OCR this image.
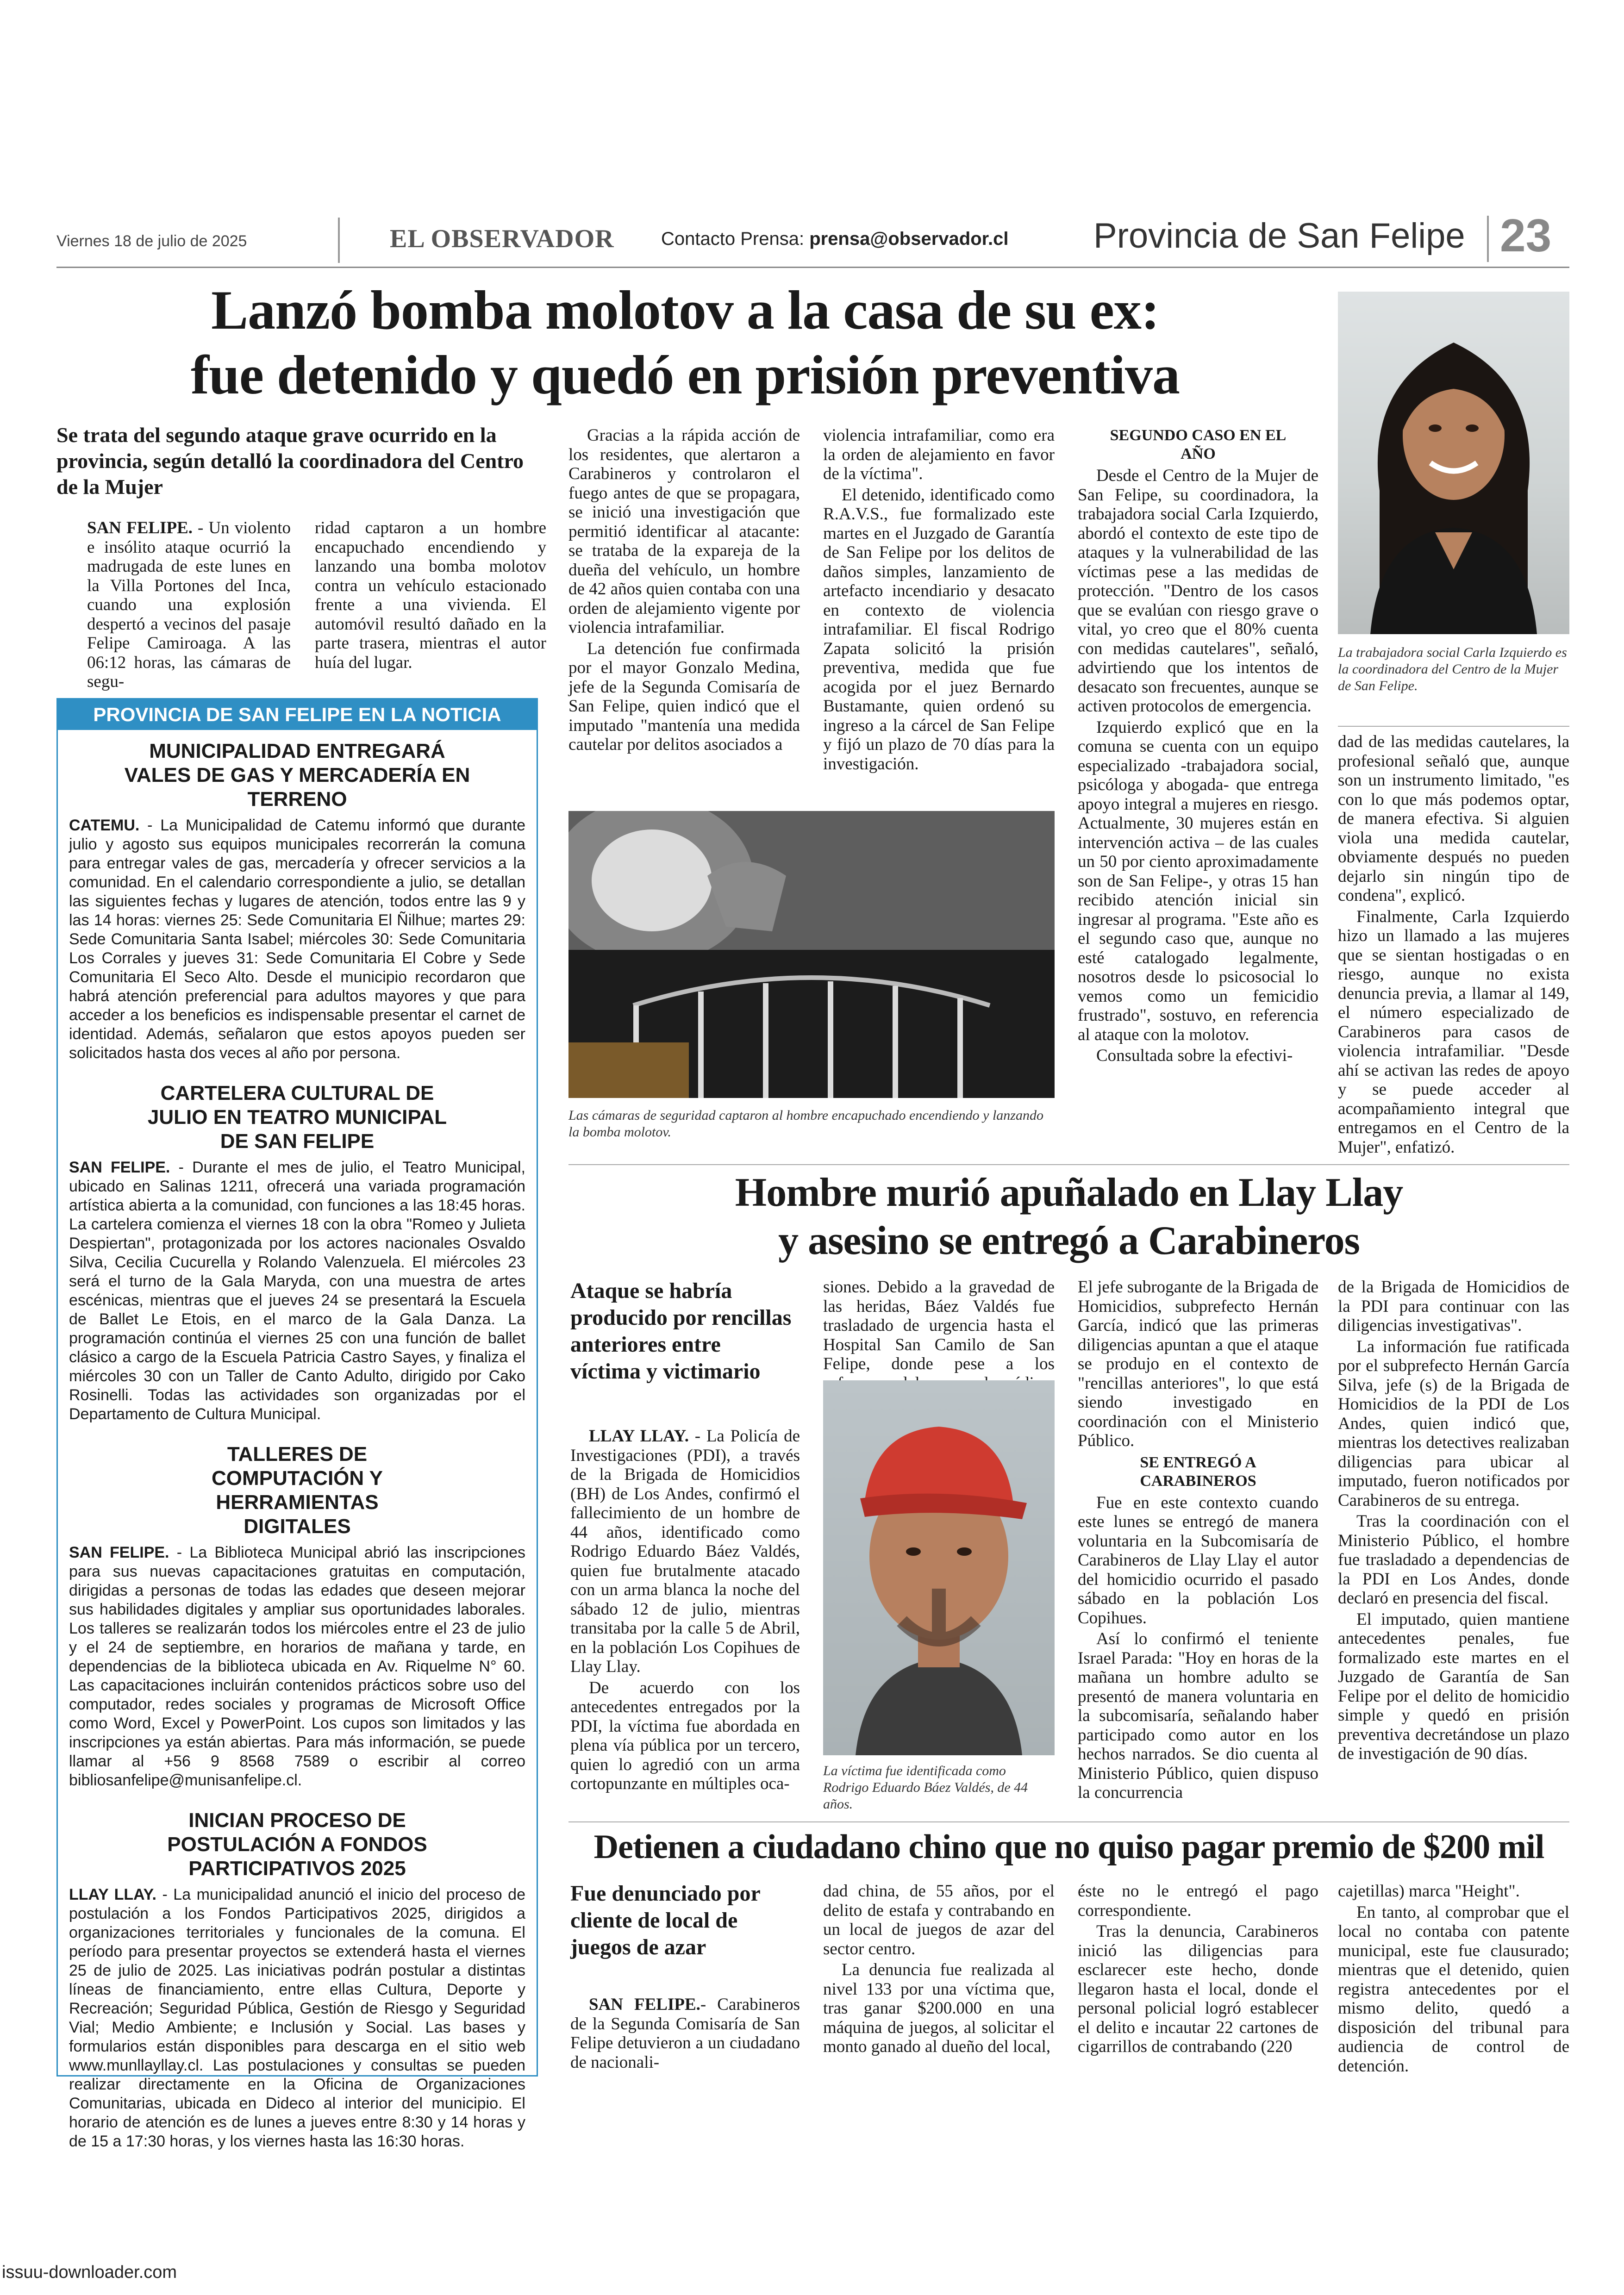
Viernes 18 de julio de 2025	EL OBSERVADOR	Contacto Prensa: prensa@observador.cl Provincia de San Felipe 23
Lanzó bomba molotov a la casa de su ex:
fue detenido y quedó en prisión preventiva
La trabajadora social Carla Izquierdo es la coordinadora del Centro de la Mujer de San Felipe.
Se trata del segundo ataque grave ocurrido en la provincia, según detalló la coordinadora del Centro de la Mujer

SAN FELIPE. - Un violento e insólito ataque ocurrió la madrugada de este lunes en la Villa Portones del Inca, cuando una explosión despertó a vecinos del pasaje Felipe Camiroaga. A las 06:12 horas, las cámaras de segu-

ridad captaron a un hombre encapuchado encendiendo y lanzando una bomba molotov contra un vehículo estacionado frente a una vivienda. El automóvil resultó dañado en la parte trasera, mientras el autor huía del lugar.

Gracias a la rápida acción de los residentes, que alertaron a Carabineros y controlaron el fuego antes de que se propagara, se inició una investigación que permitió identificar al atacante: se trataba de la expareja de la dueña del vehículo, un hombre de 42 años quien contaba con una orden de alejamiento vigente por violencia intrafamiliar.

La detención fue confirmada por el mayor Gonzalo Medina, jefe de la Segunda Comisaría de San Felipe, quien indicó que el imputado "mantenía una medida cautelar por delitos asociados a

violencia intrafamiliar, como era la orden de alejamiento en favor de la víctima".

El detenido, identificado como R.A.V.S., fue formalizado este martes en el Juzgado de Garantía de San Felipe por los delitos de daños simples, lanzamiento de artefacto incendiario y desacato en contexto de violencia intrafamiliar. El fiscal Rodrigo Zapata solicitó la prisión preventiva, medida que fue acogida por el juez Bernardo Bustamante, quien ordenó su ingreso a la cárcel de San Felipe y fijó un plazo de 70 días para la investigación.

SEGUNDO CASO EN EL AÑO

Desde el Centro de la Mujer de San Felipe, su coordinadora, la trabajadora social Carla Izquierdo, abordó el contexto de este tipo de ataques y la vulnerabilidad de las víctimas pese a las medidas de protección. "Dentro de los casos que se evalúan con riesgo grave o vital, yo creo que el 80% cuenta con medidas cautelares", señaló, advirtiendo que los intentos de desacato son frecuentes, aunque se activen protocolos de emergencia.

Izquierdo explicó que en la comuna se cuenta con un equipo especializado -trabajadora social, psicóloga y abogada- que entrega apoyo integral a mujeres en riesgo. Actualmente, 30 mujeres están en intervención activa – de las cuales un 50 por ciento aproximadamente son de San Felipe-, y otras 15 han recibido atención inicial sin ingresar al programa. "Este año es el segundo caso que, aunque no esté catalogado legalmente, nosotros desde lo psicosocial lo vemos como un femicidio frustrado", sostuvo, en referencia al ataque con la molotov.

Consultada sobre la efectivi-

dad de las medidas cautelares, la profesional señaló que, aunque son un instrumento limitado, "es con lo que más podemos optar, de manera efectiva. Si alguien viola una medida cautelar, obviamente después no pueden dejarlo sin ningún tipo de condena", explicó.

Finalmente, Carla Izquierdo hizo un llamado a las mujeres que se sientan hostigadas o en riesgo, aunque no exista denuncia previa, a llamar al 149, el número especializado de Carabineros para casos de violencia intrafamiliar. "Desde ahí se activan las redes de apoyo y se puede acceder al acompañamiento integral que entregamos en el Centro de la Mujer", enfatizó.

Las cámaras de seguridad captaron al hombre encapuchado encendiendo y lanzando la bomba molotov.
PROVINCIA DE SAN FELIPE EN LA NOTICIA
MUNICIPALIDAD ENTREGARÁ VALES DE GAS Y MERCADERÍA EN TERRENO
CATEMU. - La Municipalidad de Catemu informó que durante julio y agosto sus equipos municipales recorrerán la comuna para entregar vales de gas, mercadería y ofrecer servicios a la comunidad. En el calendario correspondiente a julio, se detallan las siguientes fechas y lugares de atención, todos entre las 9 y las 14 horas: viernes 25: Sede Comunitaria El Ñilhue; martes 29: Sede Comunitaria Santa Isabel; miércoles 30: Sede Comunitaria Los Corrales y jueves 31: Sede Comunitaria El Cobre y Sede Comunitaria El Seco Alto. Desde el municipio recordaron que habrá atención preferencial para adultos mayores y que para acceder a los beneficios es indispensable presentar el carnet de identidad. Además, señalaron que estos apoyos pueden ser solicitados hasta dos veces al año por persona.
CARTELERA CULTURAL DE JULIO EN TEATRO MUNICIPAL DE SAN FELIPE
SAN FELIPE. - Durante el mes de julio, el Teatro Municipal, ubicado en Salinas 1211, ofrecerá una variada programación artística abierta a la comunidad, con funciones a las 18:45 horas. La cartelera comienza el viernes 18 con la obra "Romeo y Julieta Despiertan", protagonizada por los actores nacionales Osvaldo Silva, Cecilia Cucurella y Rolando Valenzuela. El miércoles 23 será el turno de la Gala Maryda, con una muestra de artes escénicas, mientras que el jueves 24 se presentará la Escuela de Ballet Le Etois, en el marco de la Gala Danza. La programación continúa el viernes 25 con una función de ballet clásico a cargo de la Escuela Patricia Castro Sayes, y finaliza el miércoles 30 con un Taller de Canto Adulto, dirigido por Cako Rosinelli. Todas las actividades son organizadas por el Departamento de Cultura Municipal.
TALLERES DE COMPUTACIÓN Y HERRAMIENTAS DIGITALES
SAN FELIPE. - La Biblioteca Municipal abrió las inscripciones para sus nuevas capacitaciones gratuitas en computación, dirigidas a personas de todas las edades que deseen mejorar sus habilidades digitales y ampliar sus oportunidades laborales. Los talleres se realizarán todos los miércoles entre el 23 de julio y el 24 de septiembre, en horarios de mañana y tarde, en dependencias de la biblioteca ubicada en Av. Riquelme N° 60. Las capacitaciones incluirán contenidos prácticos sobre uso del computador, redes sociales y programas de Microsoft Office como Word, Excel y PowerPoint. Los cupos son limitados y las inscripciones ya están abiertas. Para más información, se puede llamar al +56 9 8568 7589 o escribir al correo bibliosanfelipe@munisanfelipe.cl.
INICIAN PROCESO DE POSTULACIÓN A FONDOS PARTICIPATIVOS 2025
LLAY LLAY. - La municipalidad anunció el inicio del proceso de postulación a los Fondos Participativos 2025, dirigidos a organizaciones territoriales y funcionales de la comuna. El período para presentar proyectos se extenderá hasta el viernes 25 de julio de 2025. Las iniciativas podrán postular a distintas líneas de financiamiento, entre ellas Cultura, Deporte y Recreación; Seguridad Pública, Gestión de Riesgo y Seguridad Vial; Medio Ambiente; e Inclusión y Social. Las bases y formularios están disponibles para descarga en el sitio web www.munllayllay.cl. Las postulaciones y consultas se pueden realizar directamente en la Oficina de Organizaciones Comunitarias, ubicada en Dideco al interior del municipio. El horario de atención es de lunes a jueves entre 8:30 y 14 horas y de 15 a 17:30 horas, y los viernes hasta las 16:30 horas.
Hombre murió apuñalado en Llay Llay
y asesino se entregó a Carabineros
Ataque se habría producido por rencillas anteriores entre víctima y victimario

LLAY LLAY. - La Policía de Investigaciones (PDI), a través de la Brigada de Homicidios (BH) de Los Andes, confirmó el fallecimiento de un hombre de 44 años, identificado como Rodrigo Eduardo Báez Valdés, quien fue brutalmente atacado con un arma blanca la noche del sábado 12 de julio, mientras transitaba por la calle 5 de Abril, en la población Los Copihues de Llay Llay.

De acuerdo con los antecedentes entregados por la PDI, la víctima fue abordada en plena vía pública por un tercero, quien lo agredió con un arma cortopunzante en múltiples oca-

siones. Debido a la gravedad de las heridas, Báez Valdés fue trasladado de urgencia hasta el Hospital San Camilo de San Felipe, donde pese a los

La víctima fue identificada como Rodrigo Eduardo Báez Valdés, de 44 años.

El jefe subrogante de la Brigada de Homicidios, subprefecto Hernán García, indicó que las primeras diligencias apuntan a que el ataque se produjo en el contexto de "rencillas anteriores", lo que está siendo investigado en coordinación con el Ministerio Público.

SE ENTREGÓ A CARABINEROS

Fue en este contexto cuando este lunes se entregó de manera voluntaria en la Subcomisaría de Carabineros de Llay Llay el autor del homicidio ocurrido el pasado sábado en la población Los Copihues.

Así lo confirmó el teniente Israel Parada: "Hoy en horas de la mañana un hombre adulto se presentó de manera voluntaria en la subcomisaría, señalando haber participado como autor en los hechos narrados. Se dio cuenta al Ministerio Público, quien dispuso la concurrencia

de la Brigada de Homicidios de la PDI para continuar con las diligencias investigativas".

La información fue ratificada por el subprefecto Hernán García Silva, jefe (s) de la Brigada de Homicidios de la PDI de Los Andes, quien indicó que, mientras los detectives realizaban diligencias para ubicar al imputado, fueron notificados por Carabineros de su entrega.

Tras la coordinación con el Ministerio Público, el hombre fue trasladado a dependencias de la PDI en Los Andes, donde declaró en presencia del fiscal.

El imputado, quien mantiene antecedentes penales, fue formalizado este martes en el Juzgado de Garantía de San Felipe por el delito de homicidio simple y quedó en prisión preventiva decretándose un plazo de investigación de 90 días.

Detienen a ciudadano chino que no quiso pagar premio de $200 mil
Fue denunciado por cliente de local de juegos de azar

SAN FELIPE.- Carabineros de la Segunda Comisaría de San Felipe detuvieron a un ciudadano de nacionali-

dad china, de 55 años, por el delito de estafa y contrabando en un local de juegos de azar del sector centro.

La denuncia fue realizada al nivel 133 por una víctima que, tras ganar $200.000 en una máquina de juegos, al solicitar el monto ganado al dueño del local,

éste no le entregó el pago correspondiente.

Tras la denuncia, Carabineros inició las diligencias para esclarecer este hecho, donde llegaron hasta el local, donde el personal policial logró establecer el delito e incautar 22 cartones de cigarrillos de contrabando (220

cajetillas) marca "Height".

En tanto, al comprobar que el local no contaba con patente municipal, este fue clausurado; mientras que el detenido, quien registra antecedentes por el mismo delito, quedó a disposición del tribunal para audiencia de control de detención.

issuu-downloader.com
